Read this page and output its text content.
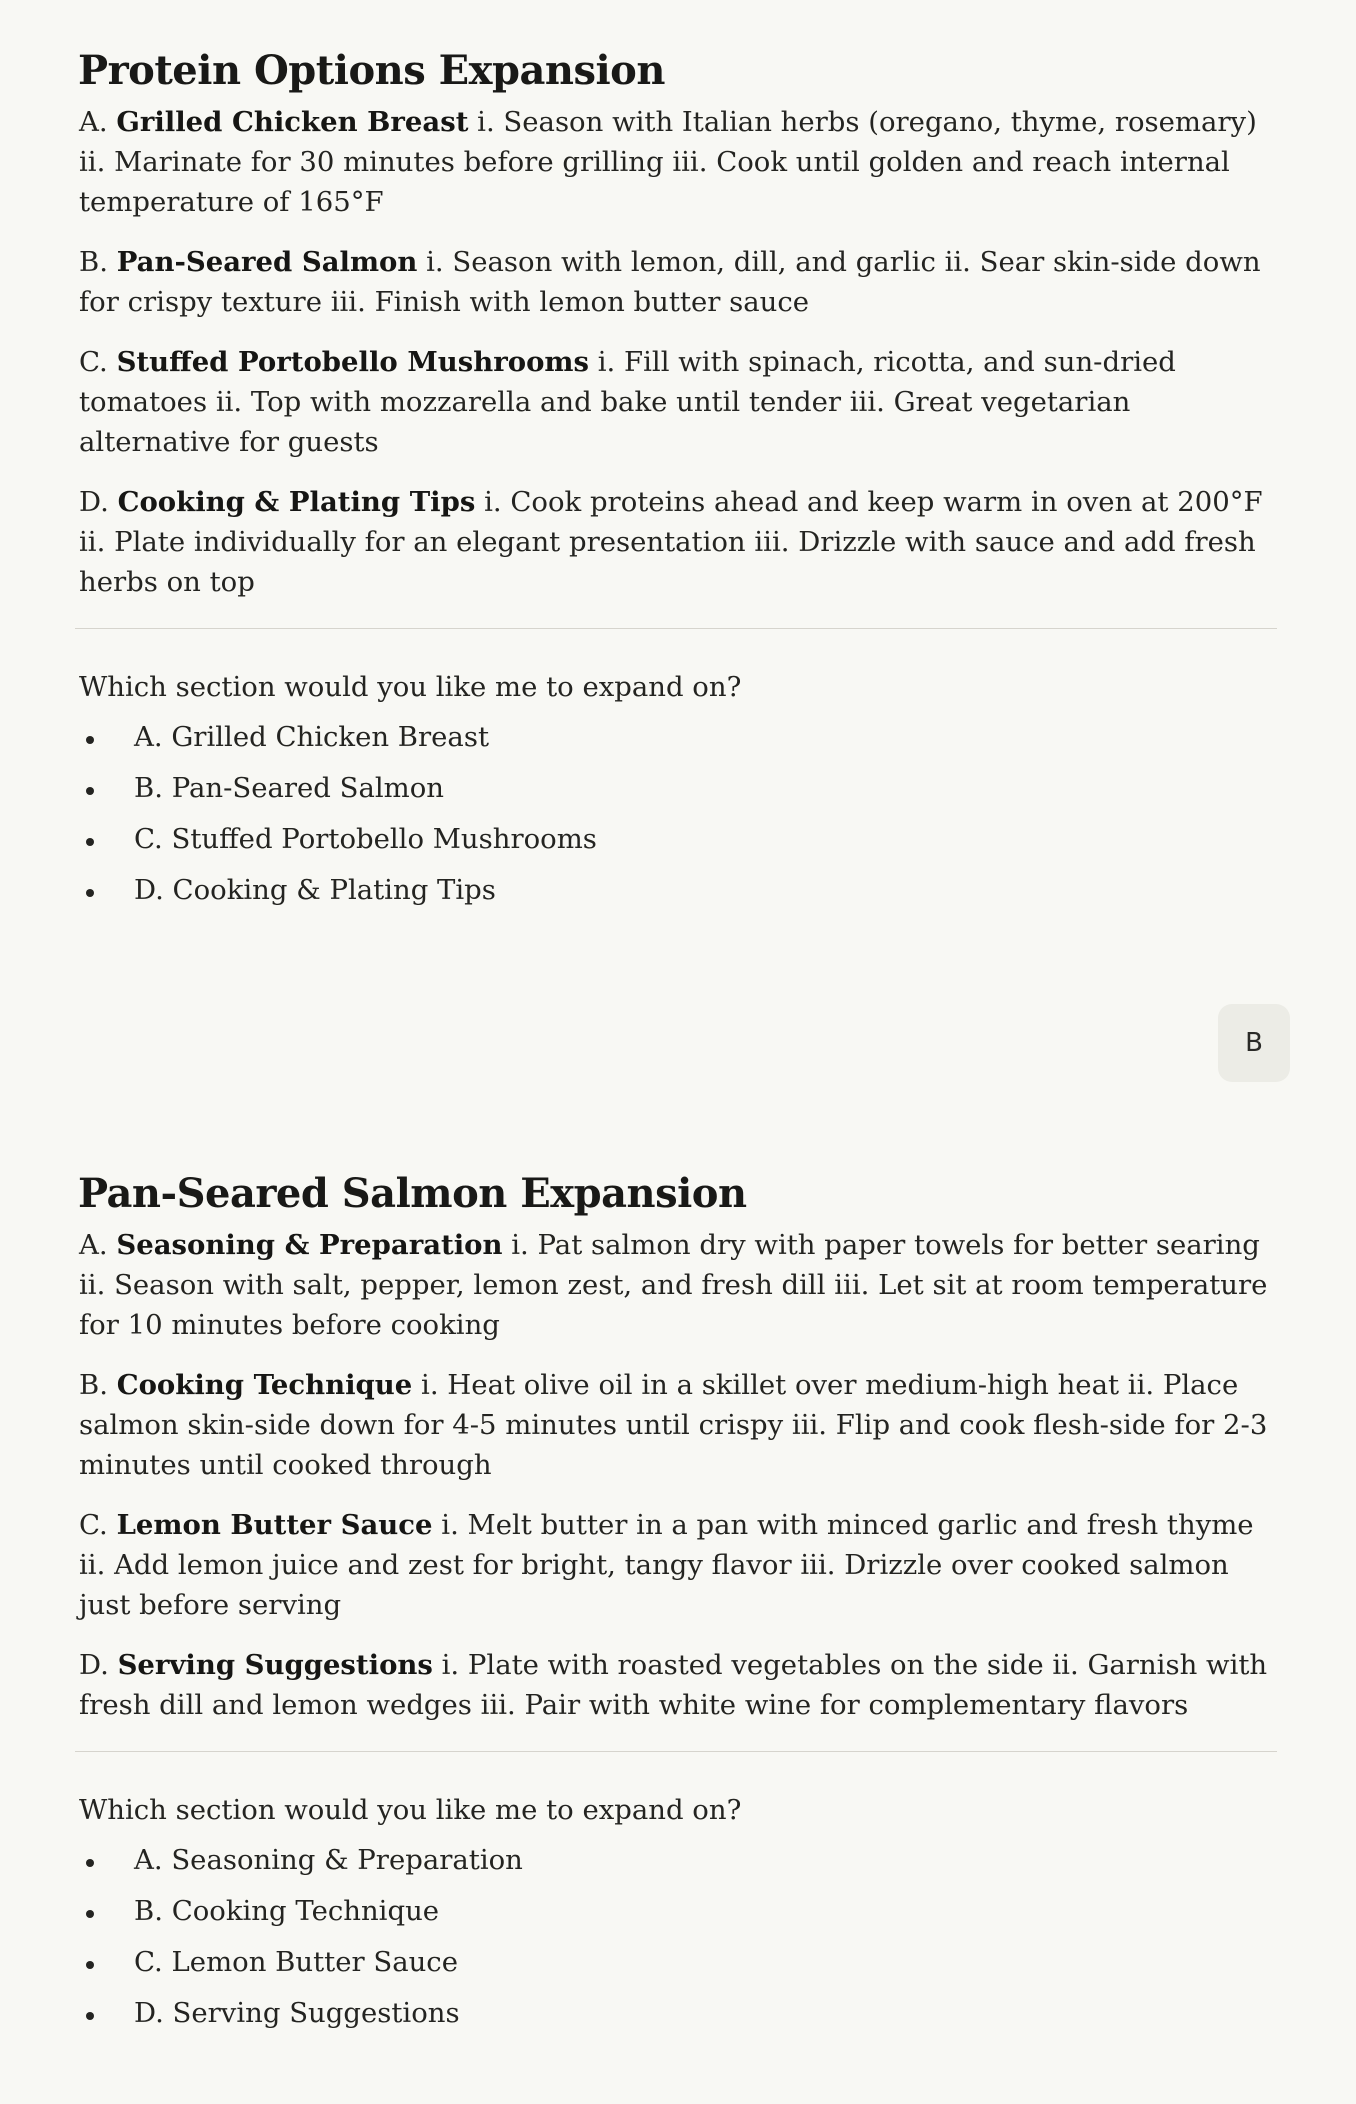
Protein Options Expansion

A. Grilled Chicken Breast i. Season with Italian herbs (oregano, thyme, rosemary) ii. Marinate for 30 minutes before grilling iii. Cook until golden and reach internal temperature of 165°F

B. Pan-Seared Salmon i. Season with lemon, dill, and garlic ii. Sear skin-side down for crispy texture iii. Finish with lemon butter sauce

C. Stuffed Portobello Mushrooms i. Fill with spinach, ricotta, and sun-dried tomatoes ii. Top with mozzarella and bake until tender iii. Great vegetarian alternative for guests

D. Cooking & Plating Tips i. Cook proteins ahead and keep warm in oven at 200°F ii. Plate individually for an elegant presentation iii. Drizzle with sauce and add fresh herbs on top

Which section would you like me to expand on?

A. Grilled Chicken Breast
B. Pan-Seared Salmon
C. Stuffed Portobello Mushrooms
D. Cooking & Plating Tips
B
Pan-Seared Salmon Expansion

A. Seasoning & Preparation i. Pat salmon dry with paper towels for better searing ii. Season with salt, pepper, lemon zest, and fresh dill iii. Let sit at room temperature for 10 minutes before cooking

B. Cooking Technique i. Heat olive oil in a skillet over medium-high heat ii. Place salmon skin-side down for 4-5 minutes until crispy iii. Flip and cook flesh-side for 2-3 minutes until cooked through

C. Lemon Butter Sauce i. Melt butter in a pan with minced garlic and fresh thyme ii. Add lemon juice and zest for bright, tangy flavor iii. Drizzle over cooked salmon just before serving

D. Serving Suggestions i. Plate with roasted vegetables on the side ii. Garnish with fresh dill and lemon wedges iii. Pair with white wine for complementary flavors

Which section would you like me to expand on?

A. Seasoning & Preparation
B. Cooking Technique
C. Lemon Butter Sauce
D. Serving Suggestions
